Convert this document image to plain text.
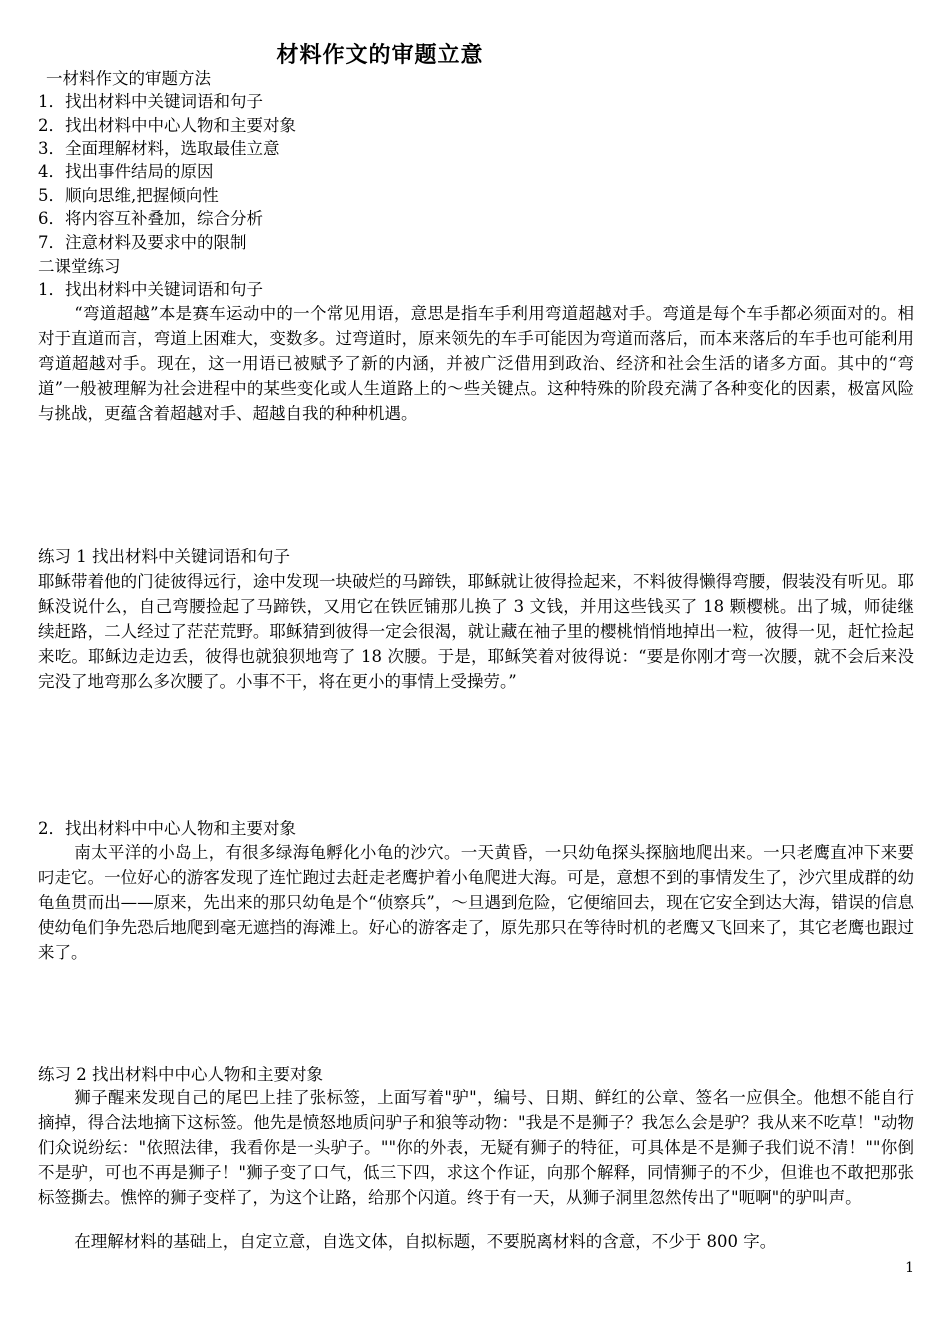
材料作文的审题立意
一材料作文的审题方法
1．找出材料中关键词语和句子
2．找出材料中中心人物和主要对象
3．全面理解材料，选取最佳立意
4．找出事件结局的原因
5．顺向思维,把握倾向性
6．将内容互补叠加，综合分析
7．注意材料及要求中的限制
二课堂练习
1．找出材料中关键词语和句子
“弯道超越”本是赛车运动中的一个常见用语，意思是指车手利用弯道超越对手。弯道是每个车手都必须面对的。相对于直道而言，弯道上困难大，变数多。过弯道时，原来领先的车手可能因为弯道而落后，而本来落后的车手也可能利用弯道超越对手。现在，这一用语已被赋予了新的内涵，并被广泛借用到政治、经济和社会生活的诸多方面。其中的“弯道”一般被理解为社会进程中的某些变化或人生道路上的～些关键点。这种特殊的阶段充满了各种变化的因素，极富风险与挑战，更蕴含着超越对手、超越自我的种种机遇。
练习 1 找出材料中关键词语和句子
耶稣带着他的门徒彼得远行，途中发现一块破烂的马蹄铁，耶稣就让彼得捡起来，不料彼得懒得弯腰，假装没有听见。耶稣没说什么，自己弯腰捡起了马蹄铁，又用它在铁匠铺那儿换了 3 文钱，并用这些钱买了 18 颗樱桃。出了城，师徒继续赶路，二人经过了茫茫荒野。耶稣猜到彼得一定会很渴，就让藏在袖子里的樱桃悄悄地掉出一粒，彼得一见，赶忙捡起来吃。耶稣边走边丢，彼得也就狼狈地弯了 18 次腰。于是，耶稣笑着对彼得说：“要是你刚才弯一次腰，就不会后来没完没了地弯那么多次腰了。小事不干，将在更小的事情上受操劳。”
2．找出材料中中心人物和主要对象
南太平洋的小岛上，有很多绿海龟孵化小龟的沙穴。一天黄昏，一只幼龟探头探脑地爬出来。一只老鹰直冲下来要叼走它。一位好心的游客发现了连忙跑过去赶走老鹰护着小龟爬进大海。可是，意想不到的事情发生了，沙穴里成群的幼龟鱼贯而出——原来，先出来的那只幼龟是个“侦察兵”，～旦遇到危险，它便缩回去，现在它安全到达大海，错误的信息使幼龟们争先恐后地爬到毫无遮挡的海滩上。好心的游客走了，原先那只在等待时机的老鹰又飞回来了，其它老鹰也跟过来了。
练习 2 找出材料中中心人物和主要对象
狮子醒来发现自己的尾巴上挂了张标签，上面写着"驴"，编号、日期、鲜红的公章、签名一应俱全。他想不能自行摘掉，得合法地摘下这标签。他先是愤怒地质问驴子和狼等动物："我是不是狮子？我怎么会是驴？我从来不吃草！"动物们众说纷纭："依照法律，我看你是一头驴子。""你的外表，无疑有狮子的特征，可具体是不是狮子我们说不清！""你倒不是驴，可也不再是狮子！"狮子变了口气，低三下四，求这个作证，向那个解释，同情狮子的不少，但谁也不敢把那张标签撕去。憔悴的狮子变样了，为这个让路，给那个闪道。终于有一天，从狮子洞里忽然传出了"呃啊"的驴叫声。
在理解材料的基础上，自定立意，自选文体，自拟标题，不要脱离材料的含意，不少于 800 字。
1
